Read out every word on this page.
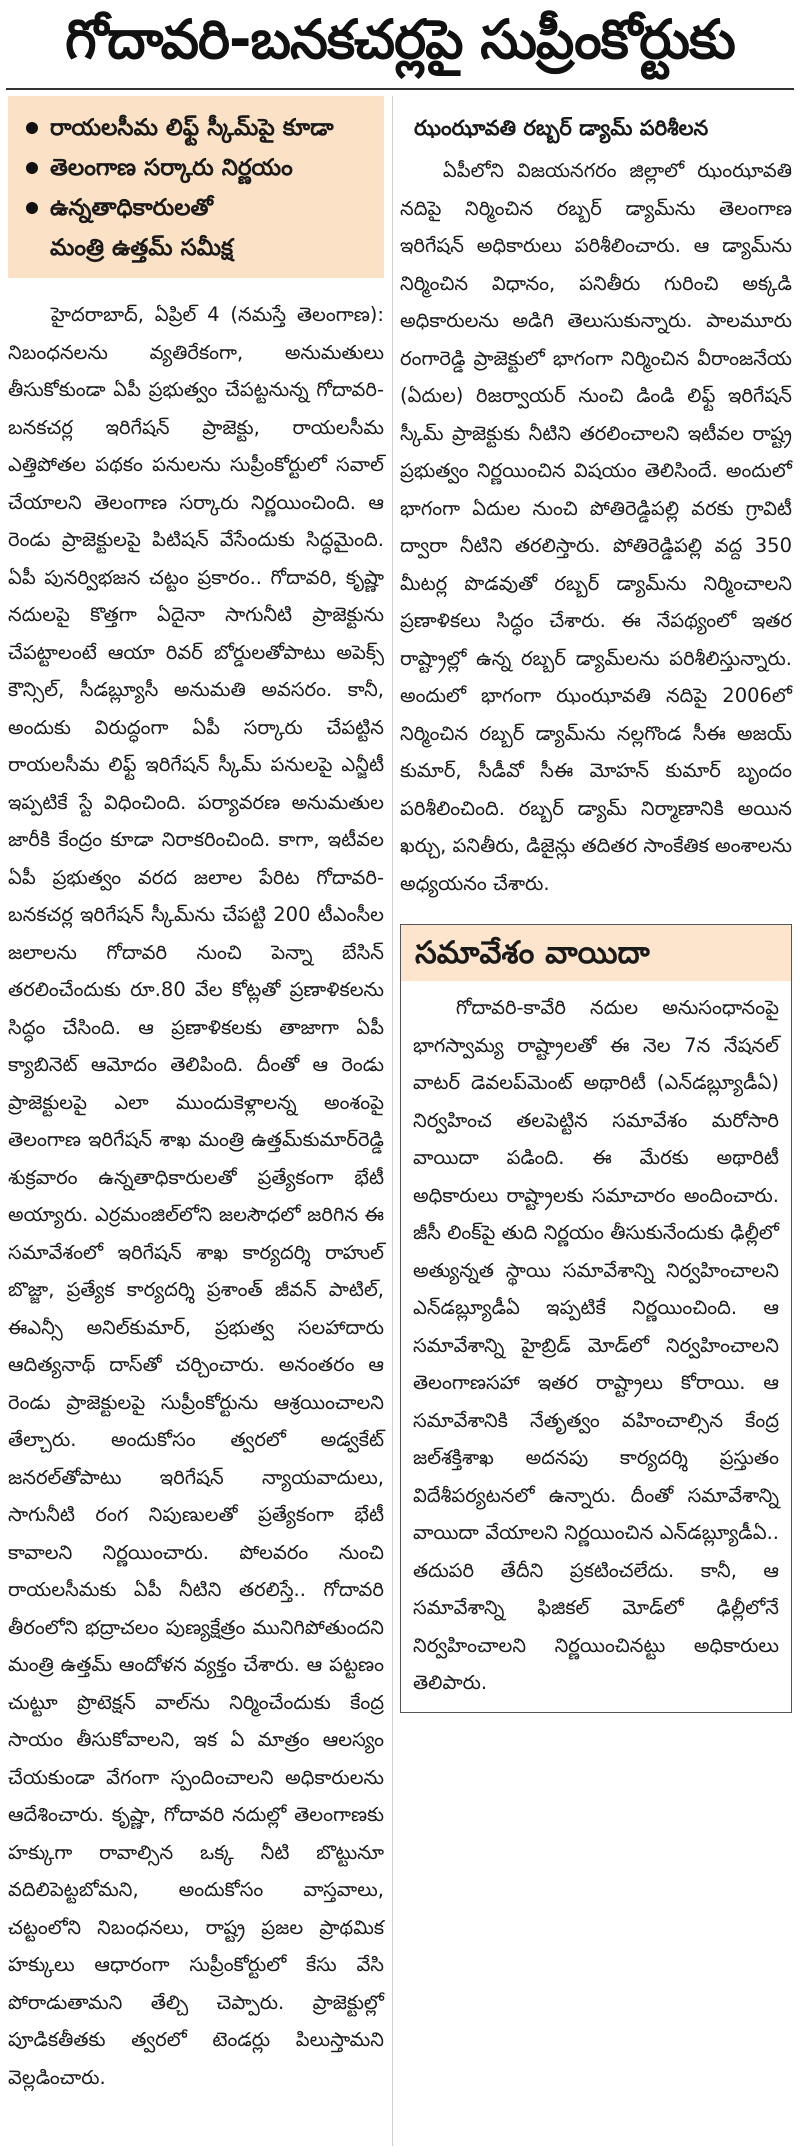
గోదావరి-బనకచర్లపై సుప్రీంకోర్టుకు
రాయలసీమ లిఫ్ట్ స్కీమ్‌పై కూడా
తెలంగాణ సర్కారు నిర్ణయం
ఉన్నతాధికారులతో
మంత్రి ఉత్తమ్ సమీక్ష

హైదరాబాద్, ఏప్రిల్ 4 (నమస్తే తెలంగాణ): నిబంధనలను వ్యతిరేకంగా, అనుమతులు తీసుకోకుండా ఏపీ ప్రభుత్వం చేపట్టనున్న గోదావరి-బనకచర్ల ఇరిగేషన్ ప్రాజెక్టు, రాయలసీమ ఎత్తిపోతల పథకం పనులను సుప్రీంకోర్టులో సవాల్ చేయాలని తెలంగాణ సర్కారు నిర్ణయించింది. ఆ రెండు ప్రాజెక్టులపై పిటిషన్ వేసేందుకు సిద్ధమైంది. ఏపీ పునర్విభజన చట్టం ప్రకారం.. గోదావరి, కృష్ణా నదులపై కొత్తగా ఏదైనా సాగునీటి ప్రాజెక్టును చేపట్టాలంటే ఆయా రివర్ బోర్డులతోపాటు అపెక్స్ కౌన్సిల్, సీడబ్ల్యూసీ అనుమతి అవసరం. కానీ, అందుకు విరుద్ధంగా ఏపీ సర్కారు చేపట్టిన రాయలసీమ లిఫ్ట్ ఇరిగేషన్ స్కీమ్ పనులపై ఎన్జీటీ ఇప్పటికే స్టే విధించింది. పర్యావరణ అనుమతుల జారీకి కేంద్రం కూడా నిరాకరించింది. కాగా, ఇటీవల ఏపీ ప్రభుత్వం వరద జలాల పేరిట గోదావరి-బనకచర్ల ఇరిగేషన్ స్కీమ్‌ను చేపట్టి 200 టీఎంసీల జలాలను గోదావరి నుంచి పెన్నా బేసిన్ తరలించేందుకు రూ.80 వేల కోట్లతో ప్రణాళికలను సిద్ధం చేసింది. ఆ ప్రణాళికలకు తాజాగా ఏపీ క్యాబినెట్ ఆమోదం తెలిపింది. దీంతో ఆ రెండు ప్రాజెక్టులపై ఎలా ముందుకెళ్లాలన్న అంశంపై తెలంగాణ ఇరిగేషన్ శాఖ మంత్రి ఉత్తమ్‌కుమార్‌రెడ్డి శుక్రవారం ఉన్నతాధికారులతో ప్రత్యేకంగా భేటీ అయ్యారు. ఎర్రమంజిల్‌లోని జలసౌధలో జరిగిన ఈ సమావేశంలో ఇరిగేషన్ శాఖ కార్యదర్శి రాహుల్ బొజ్జా, ప్రత్యేక కార్యదర్శి ప్రశాంత్ జీవన్ పాటిల్, ఈఎన్సీ అనిల్‌కుమార్, ప్రభుత్వ సలహాదారు ఆదిత్యనాథ్ దాస్‌తో చర్చించారు. అనంతరం ఆ రెండు ప్రాజెక్టులపై సుప్రీంకోర్టును ఆశ్రయించాలని తేల్చారు. అందుకోసం త్వరలో అడ్వకేట్ జనరల్‌తోపాటు ఇరిగేషన్ న్యాయవాదులు, సాగునీటి రంగ నిపుణులతో ప్రత్యేకంగా భేటీ కావాలని నిర్ణయించారు. పోలవరం నుంచి రాయలసీమకు ఏపీ నీటిని తరలిస్తే.. గోదావరి తీరంలోని భద్రాచలం పుణ్యక్షేత్రం మునిగిపోతుందని మంత్రి ఉత్తమ్ ఆందోళన వ్యక్తం చేశారు. ఆ పట్టణం చుట్టూ ప్రొటెక్షన్ వాల్‌ను నిర్మించేందుకు కేంద్ర సాయం తీసుకోవాలని, ఇక ఏ మాత్రం ఆలస్యం చేయకుండా వేగంగా స్పందించాలని అధికారులను ఆదేశించారు. కృష్ణా, గోదావరి నదుల్లో తెలంగాణకు హక్కుగా రావాల్సిన ఒక్క నీటి బొట్టునూ వదిలిపెట్టబోమని, అందుకోసం వాస్తవాలు, చట్టంలోని నిబంధనలు, రాష్ట్ర ప్రజల ప్రాథమిక హక్కులు ఆధారంగా సుప్రీంకోర్టులో కేసు వేసి పోరాడుతామని తేల్చి చెప్పారు. ప్రాజెక్టుల్లో పూడికతీతకు త్వరలో టెండర్లు పిలుస్తామని వెల్లడించారు.

ఝంఝావతి రబ్బర్ డ్యామ్ పరిశీలన

ఏపీలోని విజయనగరం జిల్లాలో ఝంఝావతి నదిపై నిర్మించిన రబ్బర్ డ్యామ్‌ను తెలంగాణ ఇరిగేషన్ అధికారులు పరిశీలించారు. ఆ డ్యామ్‌ను నిర్మించిన విధానం, పనితీరు గురించి అక్కడి అధికారులను అడిగి తెలుసుకున్నారు. పాలమూరు రంగారెడ్డి ప్రాజెక్టులో భాగంగా నిర్మించిన వీరాంజనేయ (ఏదుల) రిజర్వాయర్ నుంచి డిండి లిఫ్ట్ ఇరిగేషన్ స్కీమ్ ప్రాజెక్టుకు నీటిని తరలించాలని ఇటీవల రాష్ట్ర ప్రభుత్వం నిర్ణయించిన విషయం తెలిసిందే. అందులో భాగంగా ఏదుల నుంచి పోతిరెడ్డిపల్లి వరకు గ్రావిటీ ద్వారా నీటిని తరలిస్తారు. పోతిరెడ్డిపల్లి వద్ద 350 మీటర్ల పొడవుతో రబ్బర్ డ్యామ్‌ను నిర్మించాలని ప్రణాళికలు సిద్ధం చేశారు. ఈ నేపథ్యంలో ఇతర రాష్ట్రాల్లో ఉన్న రబ్బర్ డ్యామ్‌లను పరిశీలిస్తున్నారు. అందులో భాగంగా ఝంఝావతి నదిపై 2006లో నిర్మించిన రబ్బర్ డ్యామ్‌ను నల్లగొండ సీఈ అజయ్ కుమార్, సీడీవో సీఈ మోహన్ కుమార్ బృందం పరిశీలించింది. రబ్బర్ డ్యామ్ నిర్మాణానికి అయిన ఖర్చు, పనితీరు, డిజైన్లు తదితర సాంకేతిక అంశాలను అధ్యయనం చేశారు.

సమావేశం వాయిదా

గోదావరి-కావేరి నదుల అనుసంధానంపై భాగస్వామ్య రాష్ట్రాలతో ఈ నెల 7న నేషనల్ వాటర్ డెవలప్‌మెంట్ అథారిటీ (ఎన్‌డబ్ల్యూడీఏ) నిర్వహించ తలపెట్టిన సమావేశం మరోసారి వాయిదా పడింది. ఈ మేరకు అథారిటీ అధికారులు రాష్ట్రాలకు సమాచారం అందించారు. జీసీ లింక్‌పై తుది నిర్ణయం తీసుకునేందుకు ఢిల్లీలో అత్యున్నత స్థాయి సమావేశాన్ని నిర్వహించాలని ఎన్‌డబ్ల్యూడీఏ ఇప్పటికే నిర్ణయించింది. ఆ సమావేశాన్ని హైబ్రిడ్ మోడ్‌లో నిర్వహించాలని తెలంగాణసహా ఇతర రాష్ట్రాలు కోరాయి. ఆ సమావేశానికి నేతృత్వం వహించాల్సిన కేంద్ర జల్‌శక్తిశాఖ అదనపు కార్యదర్శి ప్రస్తుతం విదేశీపర్యటనలో ఉన్నారు. దీంతో సమావేశాన్ని వాయిదా వేయాలని నిర్ణయించిన ఎన్‌డబ్ల్యూడీఏ.. తదుపరి తేదీని ప్రకటించలేదు. కానీ, ఆ సమావేశాన్ని ఫిజికల్ మోడ్‌లో ఢిల్లీలోనే నిర్వహించాలని నిర్ణయించినట్టు అధికారులు తెలిపారు.
